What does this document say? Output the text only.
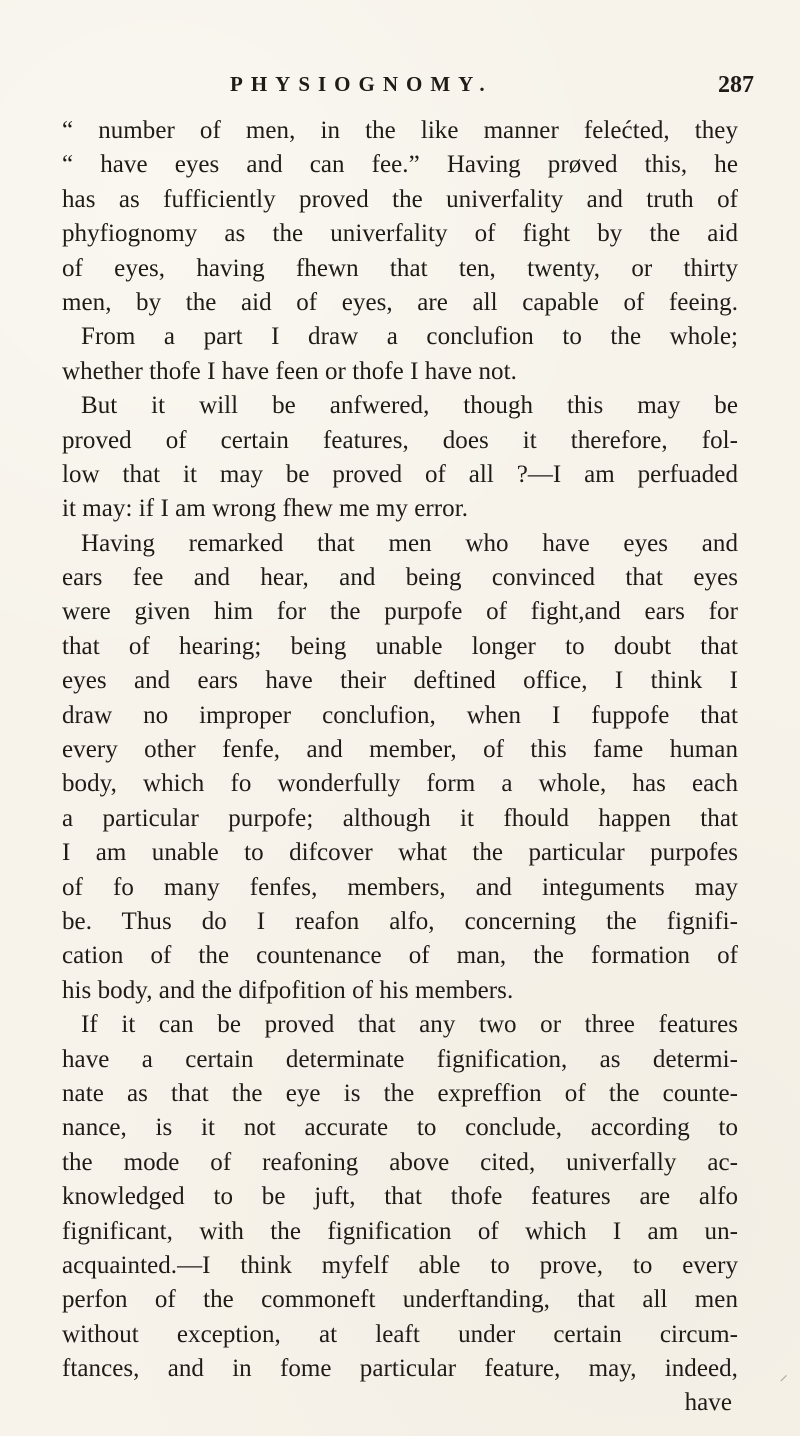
PHYSIOGNOMY.	287
“ number of men, in the like manner felećted, they
“ have eyes and can fee.” Having prøved this, he
has as fufficiently proved the univerfality and truth of
phyfiognomy as the univerfality of fight by the aid
of eyes, having fhewn that ten, twenty, or thirty
men, by the aid of eyes, are all capable of feeing.
From a part I draw a conclufion to the whole;
whether thofe I have feen or thofe I have not.
But it will be anfwered, though this may be
proved of certain features, does it therefore, fol-
low that it may be proved of all ?—I am perfuaded
it may: if I am wrong fhew me my error.
Having remarked that men who have eyes and
ears fee and hear, and being convinced that eyes
were given him for the purpofe of fight,and ears for
that of hearing; being unable longer to doubt that
eyes and ears have their deftined office, I think I
draw no improper conclufion, when I fuppofe that
every other fenfe, and member, of this fame human
body, which fo wonderfully form a whole, has each
a particular purpofe; although it fhould happen that
I am unable to difcover what the particular purpofes
of fo many fenfes, members, and integuments may
be. Thus do I reafon alfo, concerning the fignifi-
cation of the countenance of man, the formation of
his body, and the difpofition of his members.
If it can be proved that any two or three features
have a certain determinate fignification, as determi-
nate as that the eye is the expreffion of the counte-
nance, is it not accurate to conclude, according to
the mode of reafoning above cited, univerfally ac-
knowledged to be juft, that thofe features are alfo
fignificant, with the fignification of which I am un-
acquainted.—I think myfelf able to prove, to every
perfon of the commoneft underftanding, that all men
without exception, at leaft under certain circum-
ftances, and in fome particular feature, may, indeed,
have
